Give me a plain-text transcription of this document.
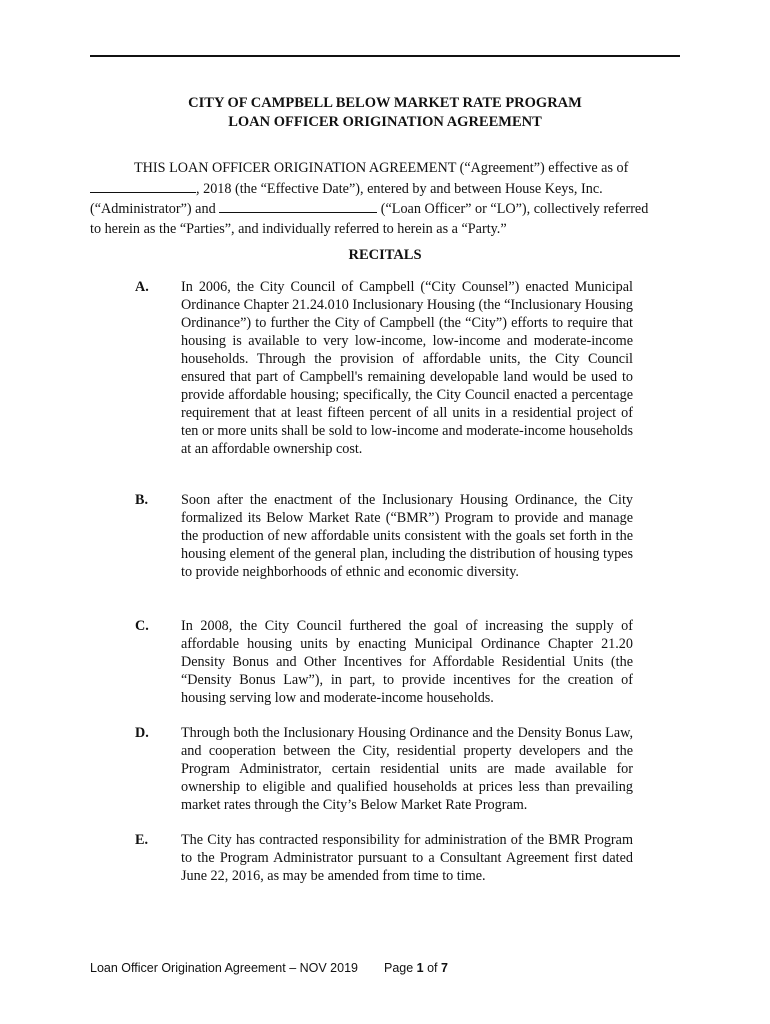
CITY OF CAMPBELL BELOW MARKET RATE PROGRAM
LOAN OFFICER ORIGINATION AGREEMENT
THIS LOAN OFFICER ORIGINATION AGREEMENT (“Agreement”) effective as of
, 2018 (the “Effective Date”), entered by and between House Keys, Inc.
(“Administrator”) and	(“Loan Officer” or “LO”), collectively referred
to herein as the “Parties”, and individually referred to herein as a “Party.”
RECITALS
A. In 2006, the City Council of Campbell (“City Counsel”) enacted Municipal Ordinance Chapter 21.24.010 Inclusionary Housing (the “Inclusionary Housing Ordinance”) to further the City of Campbell (the “City”) efforts to require that housing is available to very low-income, low-income and moderate-income households. Through the provision of affordable units, the City Council ensured that part of Campbell's remaining developable land would be used to provide affordable housing; specifically, the City Council enacted a percentage requirement that at least fifteen percent of all units in a residential project of ten or more units shall be sold to low-income and moderate-income households at an affordable ownership cost.
B. Soon after the enactment of the Inclusionary Housing Ordinance, the City formalized its Below Market Rate (“BMR”) Program to provide and manage the production of new affordable units consistent with the goals set forth in the housing element of the general plan, including the distribution of housing types to provide neighborhoods of ethnic and economic diversity.
C. In 2008, the City Council furthered the goal of increasing the supply of affordable housing units by enacting Municipal Ordinance Chapter 21.20 Density Bonus and Other Incentives for Affordable Residential Units (the “Density Bonus Law”), in part, to provide incentives for the creation of housing serving low and moderate-income households.
D. Through both the Inclusionary Housing Ordinance and the Density Bonus Law, and cooperation between the City, residential property developers and the Program Administrator, certain residential units are made available for ownership to eligible and qualified households at prices less than prevailing market rates through the City’s Below Market Rate Program.
E. The City has contracted responsibility for administration of the BMR Program to the Program Administrator pursuant to a Consultant Agreement first dated June 22, 2016, as may be amended from time to time.
Loan Officer Origination Agreement – NOV 2019 Page 1 of 7
